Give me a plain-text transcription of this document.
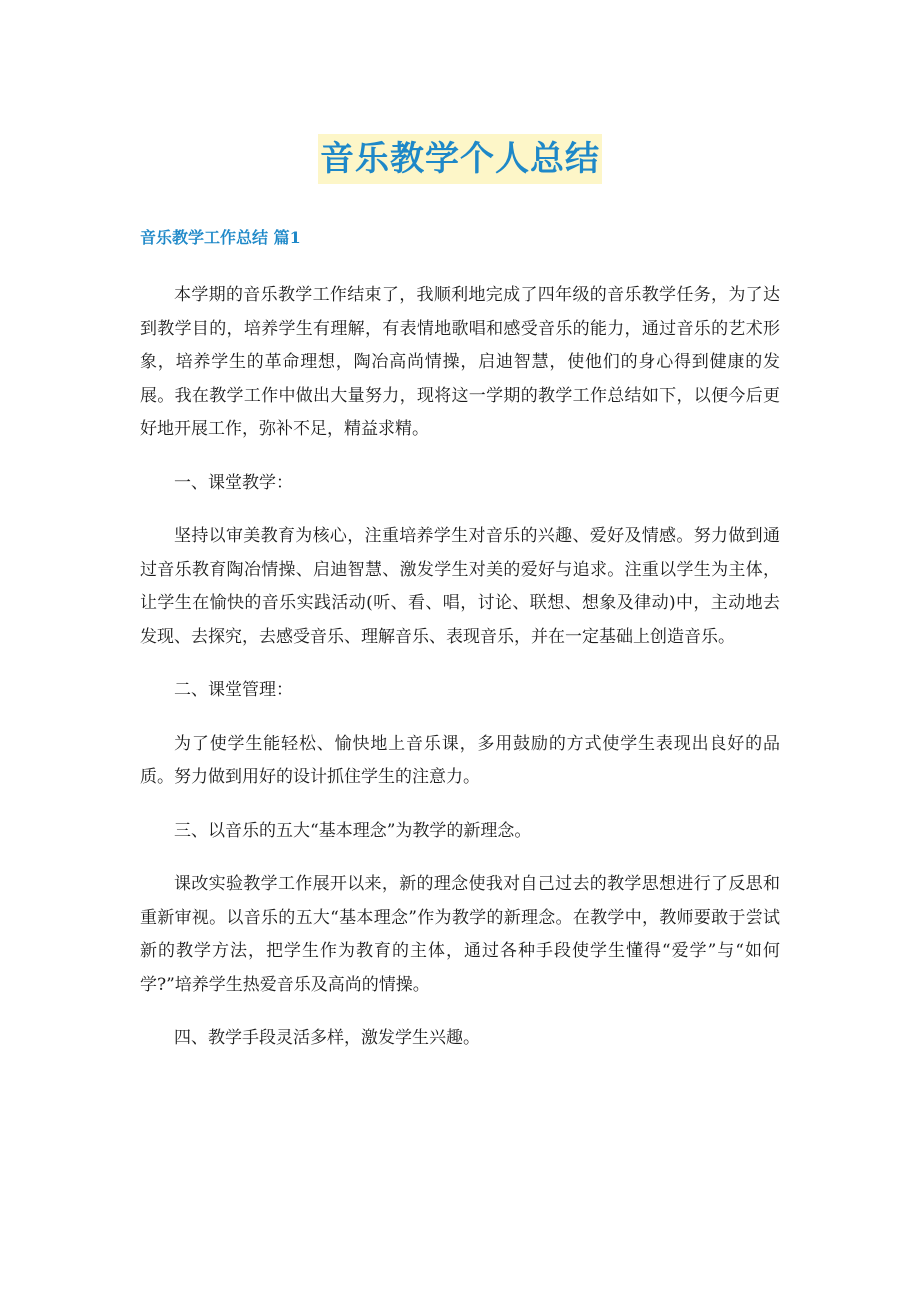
音乐教学个人总结
音乐教学工作总结 篇1

本学期的音乐教学工作结束了，我顺利地完成了四年级的音乐教学任务，为了达到教学目的，培养学生有理解，有表情地歌唱和感受音乐的能力，通过音乐的艺术形象，培养学生的革命理想，陶冶高尚情操，启迪智慧，使他们的身心得到健康的发展。我在教学工作中做出大量努力，现将这一学期的教学工作总结如下，以便今后更好地开展工作，弥补不足，精益求精。

一、课堂教学：

坚持以审美教育为核心，注重培养学生对音乐的兴趣、爱好及情感。努力做到通过音乐教育陶冶情操、启迪智慧、激发学生对美的爱好与追求。注重以学生为主体，让学生在愉快的音乐实践活动(听、看、唱，讨论、联想、想象及律动)中，主动地去发现、去探究，去感受音乐、理解音乐、表现音乐，并在一定基础上创造音乐。

二、课堂管理：

为了使学生能轻松、愉快地上音乐课，多用鼓励的方式使学生表现出良好的品质。努力做到用好的设计抓住学生的注意力。

三、以音乐的五大“基本理念”为教学的新理念。

课改实验教学工作展开以来，新的理念使我对自己过去的教学思想进行了反思和重新审视。以音乐的五大“基本理念”作为教学的新理念。在教学中，教师要敢于尝试新的教学方法，把学生作为教育的主体，通过各种手段使学生懂得“爱学”与“如何学?”培养学生热爱音乐及高尚的情操。

四、教学手段灵活多样，激发学生兴趣。
